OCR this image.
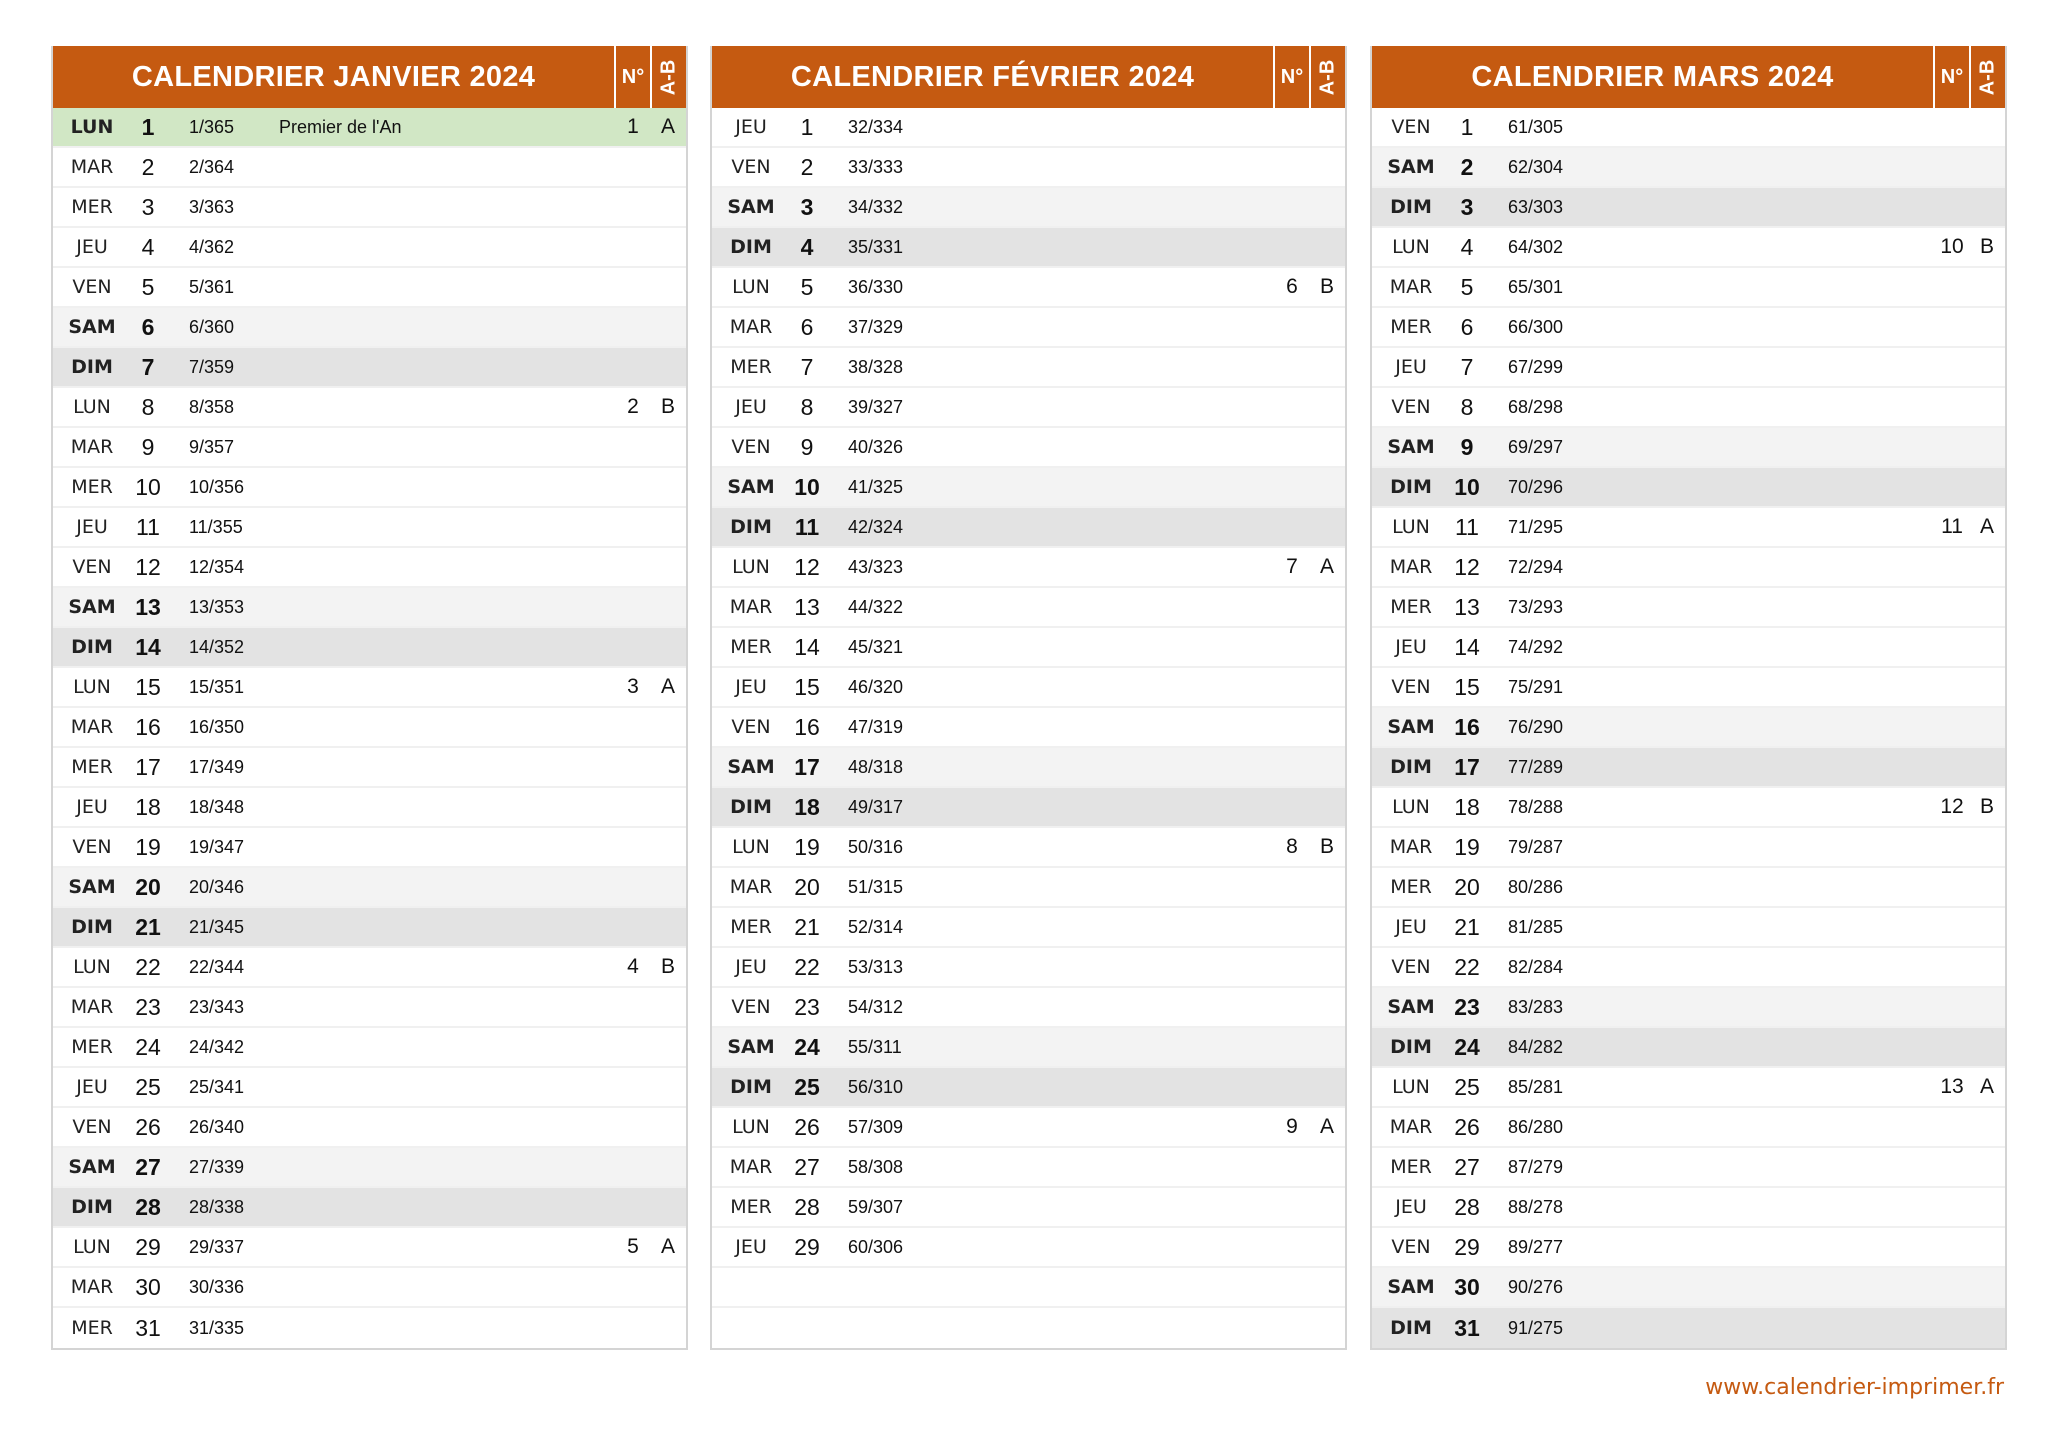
CALENDRIER JANVIER 2024	N° A-B
LUN	1	1/365	Premier de l'An	1	A
MAR	2	2/364
MER	3	3/363
JEU	4	4/362
VEN	5	5/361
SAM	6	6/360
DIM	7	7/359
LUN	8	8/358	2	B
MAR	9	9/357
MER 10	10/356
JEU	11	11/355
VEN	12	12/354
SAM 13	13/353
DIM 14	14/352
LUN	15	15/351	3	A
MAR 16	16/350
MER 17	17/349
JEU	18	18/348
VEN	19	19/347
SAM 20	20/346
DIM 21	21/345
LUN	22	22/344	4	B
MAR 23	23/343
MER 24	24/342
JEU	25	25/341
VEN	26	26/340
SAM 27	27/339
DIM 28	28/338
LUN	29	29/337	5	A
MAR 30	30/336
MER 31	31/335
CALENDRIER FÉVRIER 2024	N° A-B
JEU	1	32/334
VEN	2	33/333
SAM	3	34/332
DIM	4	35/331
LUN	5	36/330	6	B
MAR	6	37/329
MER	7	38/328
JEU	8	39/327
VEN	9	40/326
SAM 10	41/325
DIM 11	42/324
LUN	12	43/323	7	A
MAR 13	44/322
MER 14	45/321
JEU	15	46/320
VEN	16	47/319
SAM 17	48/318
DIM 18	49/317
LUN	19	50/316	8	B
MAR 20	51/315
MER 21	52/314
JEU	22	53/313
VEN	23	54/312
SAM 24	55/311
DIM 25	56/310
LUN	26	57/309	9	A
MAR 27	58/308
MER 28	59/307
JEU	29	60/306
CALENDRIER MARS 2024	N° A-B
VEN	1	61/305
SAM	2	62/304
DIM	3	63/303
LUN	4	64/302	10 B
MAR	5	65/301
MER	6	66/300
JEU	7	67/299
VEN	8	68/298
SAM	9	69/297
DIM 10	70/296
LUN	11	71/295	11 A
MAR 12	72/294
MER 13	73/293
JEU	14	74/292
VEN	15	75/291
SAM 16	76/290
DIM 17	77/289
LUN	18	78/288	12 B
MAR 19	79/287
MER 20	80/286
JEU	21	81/285
VEN	22	82/284
SAM 23	83/283
DIM 24	84/282
LUN	25	85/281	13 A
MAR 26	86/280
MER 27	87/279
JEU	28	88/278
VEN	29	89/277
SAM 30	90/276
DIM 31	91/275
www.calendrier-imprimer.fr
